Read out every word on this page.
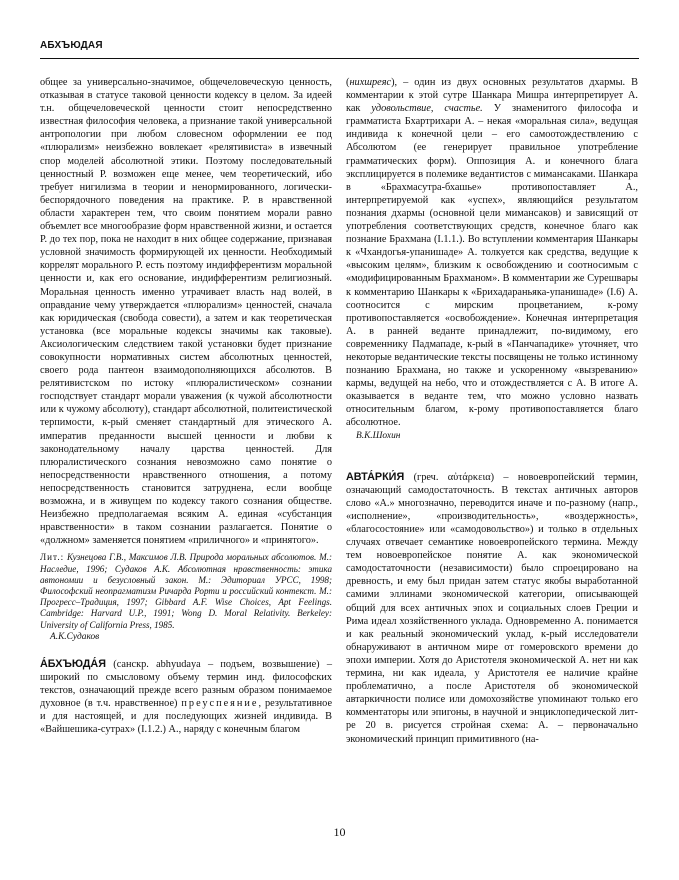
АБХЪЮДАЯ

общее за универсально-значимое, общечеловеческую ценность, отказывая в статусе таковой ценности кодексу в целом. За идеей т.н. общечеловеческой ценности стоит непосредственно известная философия человека, а признание такой универсальной антропологии при любом словесном оформлении ее под «плюрализм» неизбежно вовлекает «релятивистa» в извечный спор моделей абсолютной этики. Поэтому последовательный ценностный Р. возможен еще менее, чем теоретический, ибо требует нигилизма в теории и ненормированного, логически-беспорядочного поведения на практике. Р. в нравственной области характерен тем, что своим понятием морали равно объемлет все многообразие форм нравственной жизни, и остается Р. до тех пор, пока не находит в них общее содержание, признавая условной значимость формирующей их ценности. Необходимый коррелят морального Р. есть поэтому индифферентизм моральной ценности и, как его основание, индифферентизм религиозный. Моральная ценность именно утрачивает власть над волей, в оправдание чему утверждается «плюрализм» ценностей, сначала как юридическая (свобода совести), а затем и как теоретическая установка (все моральные кодексы значимы как таковые). Аксиологическим следствием такой установки будет признание совокупности нормативных систем абсолютных ценностей, своего рода пантеон взаимодополняющихся абсолютов. В релятивистском по истоку «плюралистическом» сознании господствует стандарт морали уважения (к чужой абсолютности или к чужому абсолюту), стандарт абсолютной, политеистической терпимости, к-рый сменяет стандартный для этического А. императив преданности высшей ценности и любви к законодательному началу царства ценностей. Для плюралистического сознания невозможно само понятие о непосредственности нравственного отношения, а потому непосредственность становится затруднена, если вообще возможна, и в живущем по кодексу такого сознания обществе. Неизбежно предполагаемая всяким А. единая «субстанция нравственности» в таком сознании разлагается. Понятие о «должном» заменяется понятием «приличного» и «принятого».

Лит.: Кузнецова Г.В., Максимов Л.В. Природа моральных абсолютов. М.: Наследие, 1996; Судаков А.К. Абсолютная нравственность: этика автономии и безусловный закон. М.: Эдиториал УРСС, 1998; Философский неопрагматизм Ричарда Рорти и российский контекст. М.: Прогресс–Традиция, 1997; Gibbard A.F. Wise Choices, Apt Feelings. Cambridge: Harvard U.P., 1991; Wong D. Moral Relativity. Berkeley: University of California Press, 1985.

А.К.Судаков

А́БХЪЮДА́Я (санскр. abhyudaya – подъем, возвышение) – широкий по смысловому объему термин инд. философских текстов, означающий прежде всего разным образом понимаемое духовное (в т.ч. нравственное) преуспеяние, результативное и для настоящей, и для последующих жизней индивида. В «Вайшешика-сутрах» (I.1.2.) А., наряду с конечным благом

(нихшреяс), – один из двух основных результатов дхармы. В комментарии к этой сутре Шанкара Мишра интерпретирует А. как удовольствие, счастье. У знаменитого философа и грамматиста Бхартрихари А. – некая «моральная сила», ведущая индивида к конечной цели – его самоотождествлению с Абсолютом (ее генерирует правильное употребление грамматических форм). Оппозиция А. и конечного блага эксплицируется в полемике ведантистов с мимансаками. Шанкара в «Брахмасутра-бхашье» противопоставляет А., интерпретируемой как «успех», являющийся результатом познания дхармы (основной цели мимансаков) и зависящий от употребления соответствующих средств, конечное благо как познание Брахмана (I.1.1.). Во вступлении комментария Шанкары к «Чхандогья-упанишаде» А. толкуется как средства, ведущие к «высоким целям», близким к освобождению и соотносимым с «модифицированным Брахманом». В комментарии же Сурешвары к комментарию Шанкары к «Брихадараньяка-упанишаде» (I.6) А. соотносится с мирским процветанием, к-рому противопоставляется «освобождение». Конечная интерпретация А. в ранней веданте принадлежит, по-видимому, его современнику Падмападе, к-рый в «Панчападике» уточняет, что некоторые ведантические тексты посвящены не только истинному познанию Брахмана, но также и ускоренному «вызреванию» кармы, ведущей на небо, что и отождествляется с А. В итоге А. оказывается в веданте тем, что можно условно назвать относительным благом, к-рому противопоставляется благо абсолютное.

В.К.Шохин

АВТА́РКИ́Я (греч. αὐτάρκεια) – новоевропейский термин, означающий самодостаточность. В текстах античных авторов слово «А.» многозначно, переводится иначе и по-разному (напр., «исполнение», «производительность», «воздержность», «благосостояние» или «самодовольство») и только в отдельных случаях отвечает семантике новоевропейского термина. Между тем новоевропейское понятие А. как экономической самодостаточности (независимости) было спроецировано на древность, и ему был придан затем статус якобы выработанной самими эллинами экономической категории, описывающей общий для всех античных эпох и социальных слоев Греции и Рима идеал хозяйственного уклада. Одновременно А. понимается и как реальный экономический уклад, к-рый исследователи обнаруживают в античном мире от гомеровского времени до эпохи империи. Хотя до Аристотеля экономической А. нет ни как термина, ни как идеала, у Аристотеля ее наличие крайне проблематично, а после Аристотеля об экономической автаркичности полисе или домохозяйстве упоминают только его комментаторы или эпигоны, в научной и энциклопедической лит-ре 20 в. рисуется стройная схема: А. – первоначально экономический принцип примитивного (на-

10
